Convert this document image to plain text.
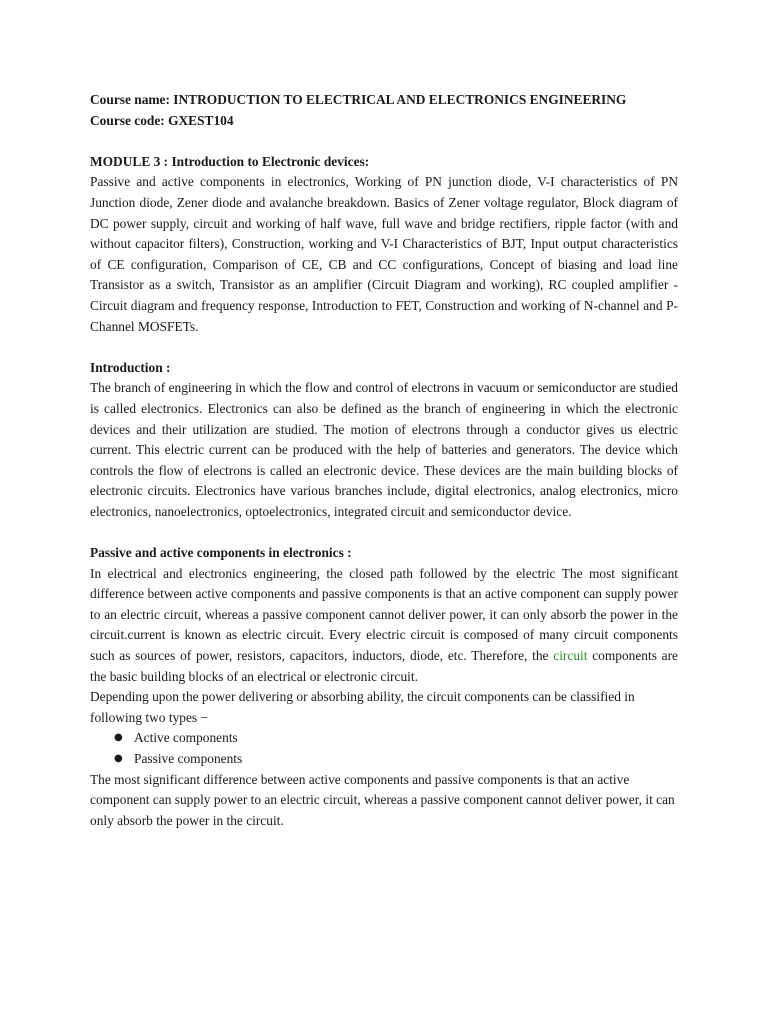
Course name: INTRODUCTION TO ELECTRICAL AND ELECTRONICS ENGINEERING

Course code: GXEST104

MODULE 3 : Introduction to Electronic devices:

Passive and active components in electronics, Working of PN junction diode, V-I characteristics of PN Junction diode, Zener diode and avalanche breakdown. Basics of Zener voltage regulator, Block diagram of DC power supply, circuit and working of half wave, full wave and bridge rectifiers, ripple factor (with and without capacitor filters), Construction, working and V-I Characteristics of BJT, Input output characteristics of CE configuration, Comparison of CE, CB and CC configurations, Concept of biasing and load line Transistor as a switch, Transistor as an amplifier (Circuit Diagram and working), RC coupled amplifier - Circuit diagram and frequency response, Introduction to FET, Construction and working of N-channel and P-Channel MOSFETs.

Introduction :

The branch of engineering in which the flow and control of electrons in vacuum or semiconductor are studied is called electronics. Electronics can also be defined as the branch of engineering in which the electronic devices and their utilization are studied. The motion of electrons through a conductor gives us electric current. This electric current can be produced with the help of batteries and generators. The device which controls the flow of electrons is called an electronic device. These devices are the main building blocks of electronic circuits. Electronics have various branches include, digital electronics, analog electronics, micro electronics, nanoelectronics, optoelectronics, integrated circuit and semiconductor device.

Passive and active components in electronics :

In electrical and electronics engineering, the closed path followed by the electric The most significant difference between active components and passive components is that an active component can supply power to an electric circuit, whereas a passive component cannot deliver power, it can only absorb the power in the circuit.current is known as electric circuit. Every electric circuit is composed of many circuit components such as sources of power, resistors, capacitors, inductors, diode, etc. Therefore, the circuit components are the basic building blocks of an electrical or electronic circuit.

Depending upon the power delivering or absorbing ability, the circuit components can be classified in following two types −

● Active components
● Passive components

The most significant difference between active components and passive components is that an active component can supply power to an electric circuit, whereas a passive component cannot deliver power, it can only absorb the power in the circuit.
